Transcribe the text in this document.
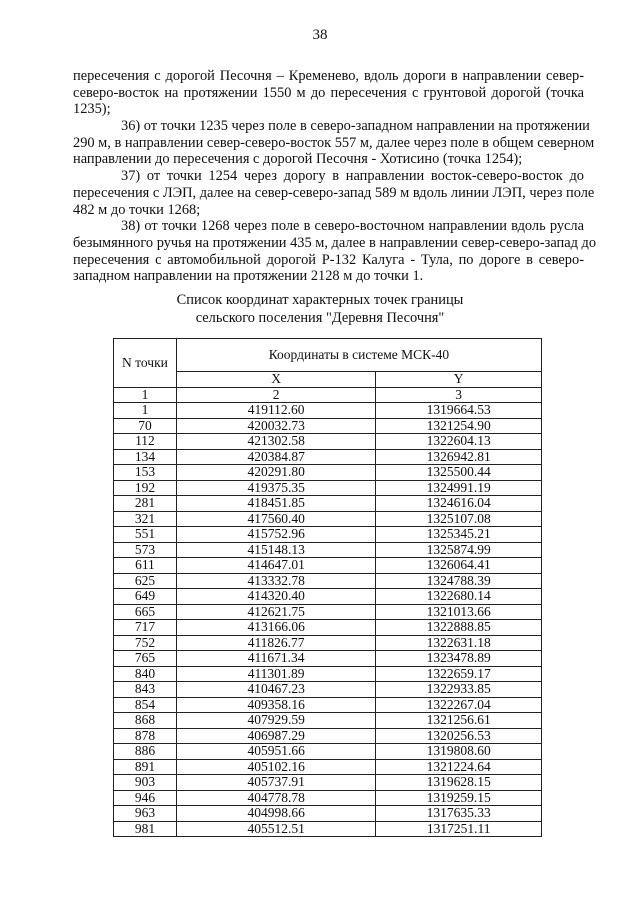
38
пересечения с дорогой Песочня – Кременево, вдоль дороги в направлении север-
северо-восток на протяжении 1550 м до пересечения с грунтовой дорогой (точка
1235);
36) от точки 1235 через поле в северо-западном направлении на протяжении
290 м, в направлении север-северо-восток 557 м, далее через поле в общем северном
направлении до пересечения с дорогой Песочня - Хотисино (точка 1254);
37) от точки 1254 через дорогу в направлении восток-северо-восток до
пересечения с ЛЭП, далее на север-северо-запад 589 м вдоль линии ЛЭП, через поле
482 м до точки 1268;
38) от точки 1268 через поле в северо-восточном направлении вдоль русла
безымянного ручья на протяжении 435 м, далее в направлении север-северо-запад до
пересечения с автомобильной дорогой Р-132 Калуга - Тула, по дороге в северо-
западном направлении на протяжении 2128 м до точки 1.
Список координат характерных точек границы
сельского поселения "Деревня Песочня"
N точки	Координаты в системе МСК-40	
	X	Y
1	2	3
1	419112.60	1319664.53
70	420032.73	1321254.90
112	421302.58	1322604.13
134	420384.87	1326942.81
153	420291.80	1325500.44
192	419375.35	1324991.19
281	418451.85	1324616.04
321	417560.40	1325107.08
551	415752.96	1325345.21
573	415148.13	1325874.99
611	414647.01	1326064.41
625	413332.78	1324788.39
649	414320.40	1322680.14
665	412621.75	1321013.66
717	413166.06	1322888.85
752	411826.77	1322631.18
765	411671.34	1323478.89
840	411301.89	1322659.17
843	410467.23	1322933.85
854	409358.16	1322267.04
868	407929.59	1321256.61
878	406987.29	1320256.53
886	405951.66	1319808.60
891	405102.16	1321224.64
903	405737.91	1319628.15
946	404778.78	1319259.15
963	404998.66	1317635.33
981	405512.51	1317251.11
